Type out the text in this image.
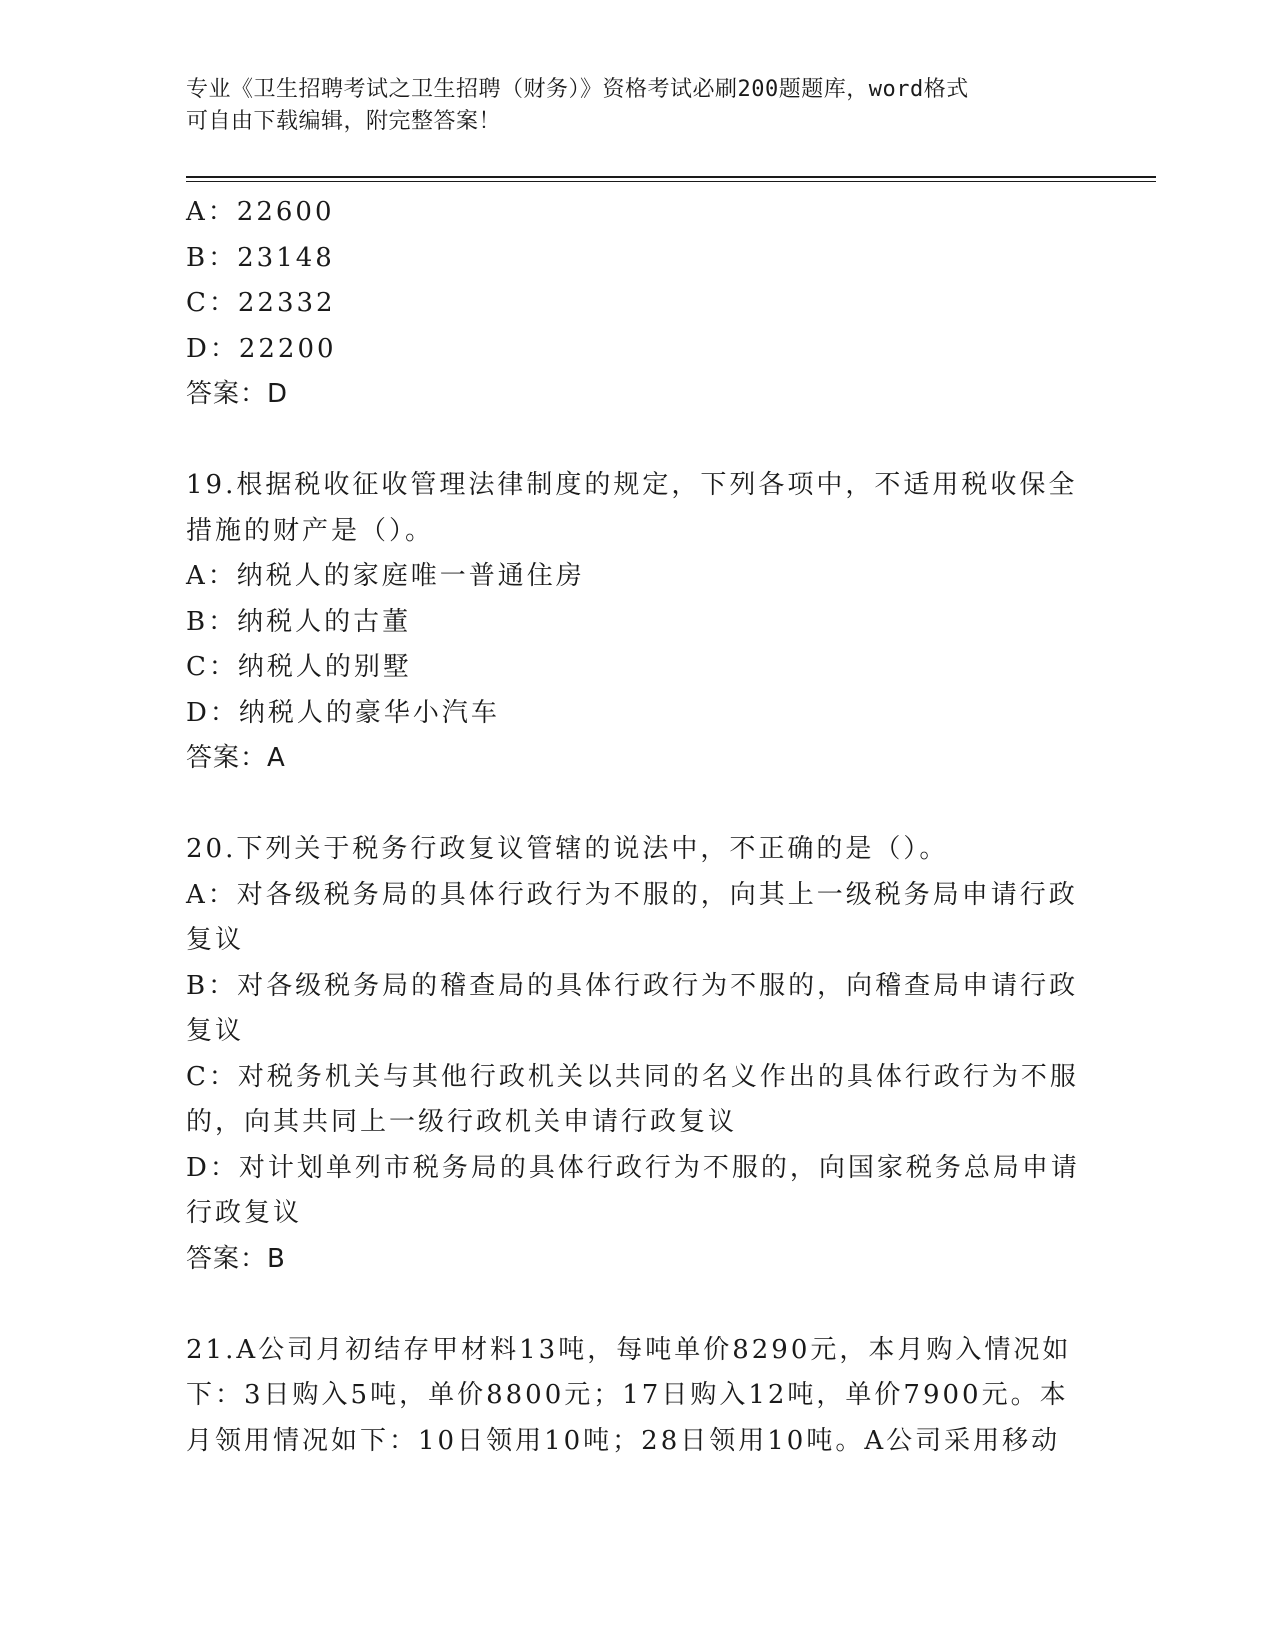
专业《卫生招聘考试之卫生招聘（财务）》资格考试必刷200题题库，word格式
可自由下载编辑，附完整答案！
A：22600
B：23148
C：22332
D：22200
答案：D
19.根据税收征收管理法律制度的规定，下列各项中，不适用税收保全
措施的财产是（）。
A：纳税人的家庭唯一普通住房
B：纳税人的古董
C：纳税人的别墅
D：纳税人的豪华小汽车
答案：A
20.下列关于税务行政复议管辖的说法中，不正确的是（）。
A：对各级税务局的具体行政行为不服的，向其上一级税务局申请行政
复议
B：对各级税务局的稽查局的具体行政行为不服的，向稽查局申请行政
复议
C：对税务机关与其他行政机关以共同的名义作出的具体行政行为不服
的，向其共同上一级行政机关申请行政复议
D：对计划单列市税务局的具体行政行为不服的，向国家税务总局申请
行政复议
答案：B
21.A公司月初结存甲材料13吨，每吨单价8290元，本月购入情况如
下：3日购入5吨，单价8800元；17日购入12吨，单价7900元。本
月领用情况如下：10日领用10吨；28日领用10吨。A公司采用移动
